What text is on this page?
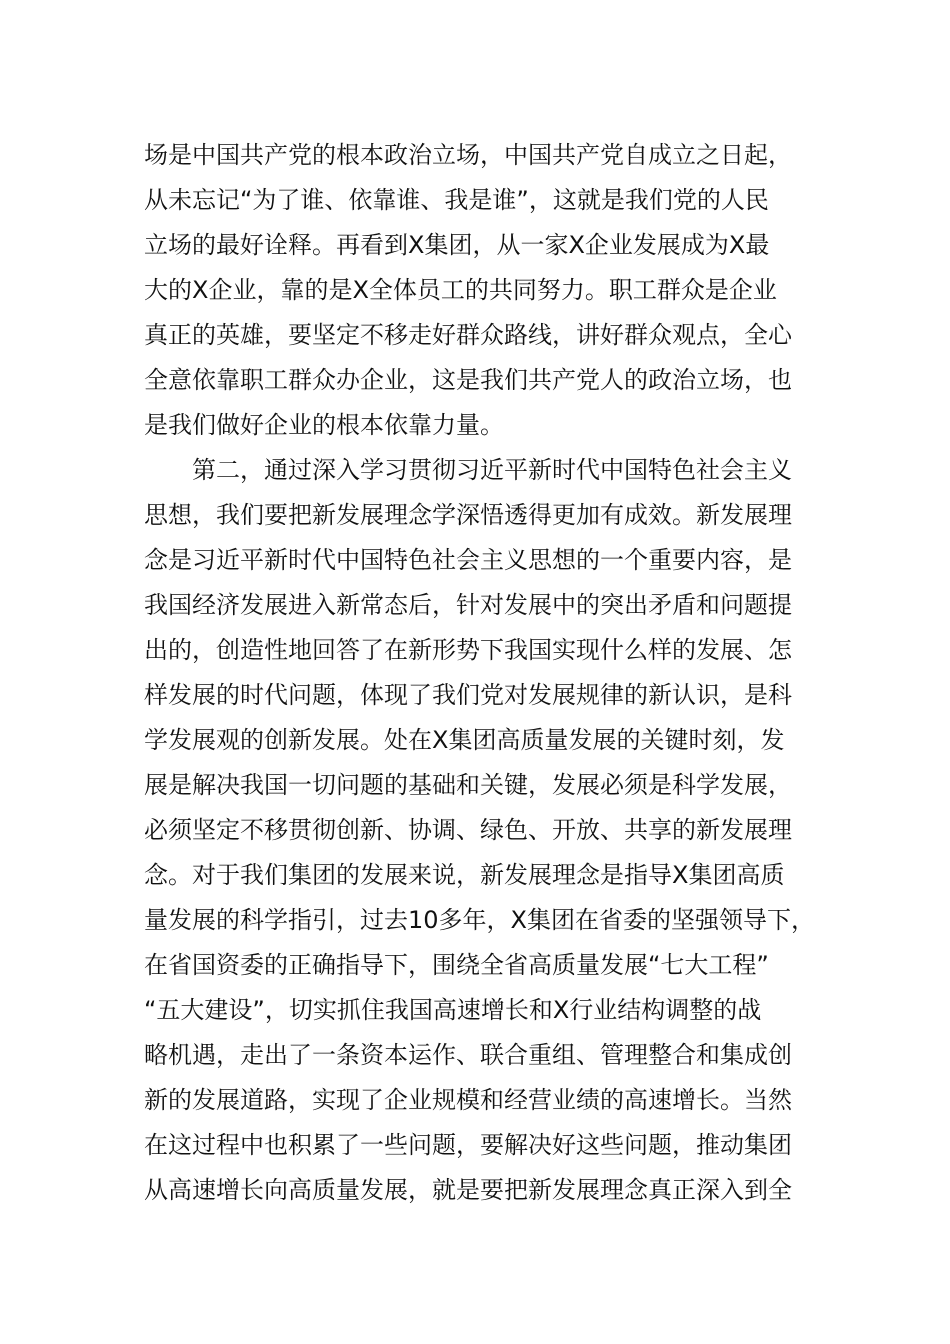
场是中国共产党的根本政治立场，中国共产党自成立之日起，
从未忘记“为了谁、依靠谁、我是谁”，这就是我们党的人民
立场的最好诠释。再看到X集团，从一家X企业发展成为X最
大的X企业，靠的是X全体员工的共同努力。职工群众是企业
真正的英雄，要坚定不移走好群众路线，讲好群众观点，全心
全意依靠职工群众办企业，这是我们共产党人的政治立场，也
是我们做好企业的根本依靠力量。
第二，通过深入学习贯彻习近平新时代中国特色社会主义
思想，我们要把新发展理念学深悟透得更加有成效。新发展理
念是习近平新时代中国特色社会主义思想的一个重要内容，是
我国经济发展进入新常态后，针对发展中的突出矛盾和问题提
出的，创造性地回答了在新形势下我国实现什么样的发展、怎
样发展的时代问题，体现了我们党对发展规律的新认识，是科
学发展观的创新发展。处在X集团高质量发展的关键时刻，发
展是解决我国一切问题的基础和关键，发展必须是科学发展，
必须坚定不移贯彻创新、协调、绿色、开放、共享的新发展理
念。对于我们集团的发展来说，新发展理念是指导X集团高质
量发展的科学指引，过去10多年，X集团在省委的坚强领导下，
在省国资委的正确指导下，围绕全省高质量发展“七大工程”
“五大建设”，切实抓住我国高速增长和X行业结构调整的战
略机遇，走出了一条资本运作、联合重组、管理整合和集成创
新的发展道路，实现了企业规模和经营业绩的高速增长。当然
在这过程中也积累了一些问题，要解决好这些问题，推动集团
从高速增长向高质量发展，就是要把新发展理念真正深入到全
